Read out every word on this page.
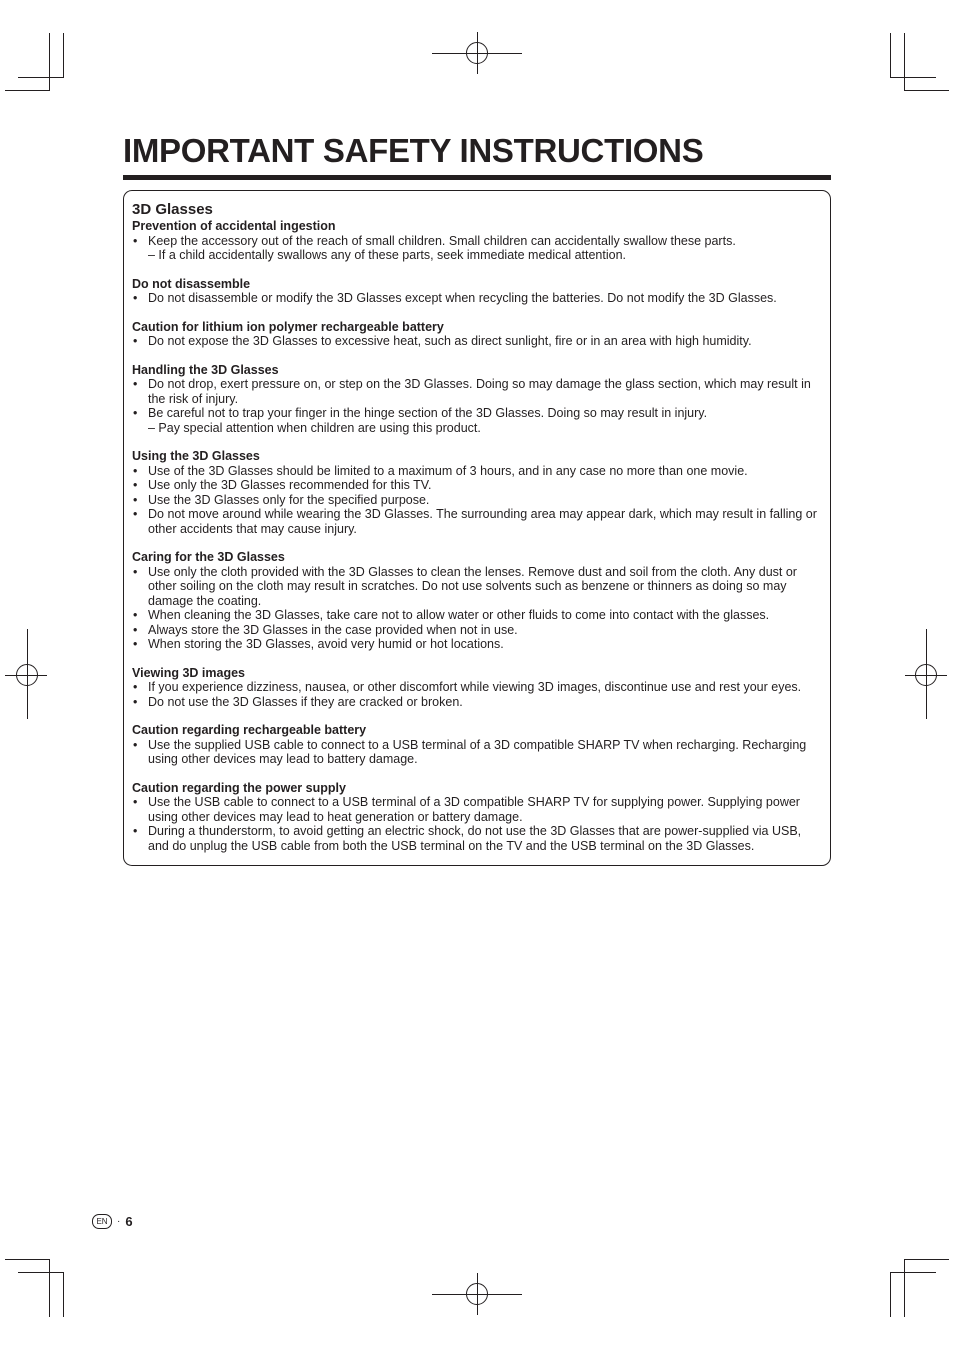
IMPORTANT SAFETY INSTRUCTIONS
3D Glasses
Prevention of accidental ingestion
• Keep the accessory out of the reach of small children. Small children can accidentally swallow these parts.
– If a child accidentally swallows any of these parts, seek immediate medical attention.
Do not disassemble
• Do not disassemble or modify the 3D Glasses except when recycling the batteries. Do not modify the 3D Glasses.
Caution for lithium ion polymer rechargeable battery
• Do not expose the 3D Glasses to excessive heat, such as direct sunlight, fire or in an area with high humidity.
Handling the 3D Glasses
• Do not drop, exert pressure on, or step on the 3D Glasses. Doing so may damage the glass section, which may result in the risk of injury.
• Be careful not to trap your finger in the hinge section of the 3D Glasses. Doing so may result in injury.
– Pay special attention when children are using this product.
Using the 3D Glasses
• Use of the 3D Glasses should be limited to a maximum of 3 hours, and in any case no more than one movie.
• Use only the 3D Glasses recommended for this TV.
• Use the 3D Glasses only for the specified purpose.
• Do not move around while wearing the 3D Glasses. The surrounding area may appear dark, which may result in falling or other accidents that may cause injury.
Caring for the 3D Glasses
• Use only the cloth provided with the 3D Glasses to clean the lenses. Remove dust and soil from the cloth. Any dust or other soiling on the cloth may result in scratches. Do not use solvents such as benzene or thinners as doing so may damage the coating.
• When cleaning the 3D Glasses, take care not to allow water or other fluids to come into contact with the glasses.
• Always store the 3D Glasses in the case provided when not in use.
• When storing the 3D Glasses, avoid very humid or hot locations.
Viewing 3D images
• If you experience dizziness, nausea, or other discomfort while viewing 3D images, discontinue use and rest your eyes.
• Do not use the 3D Glasses if they are cracked or broken.
Caution regarding rechargeable battery
• Use the supplied USB cable to connect to a USB terminal of a 3D compatible SHARP TV when recharging. Recharging using other devices may lead to battery damage.
Caution regarding the power supply
• Use the USB cable to connect to a USB terminal of a 3D compatible SHARP TV for supplying power. Supplying power using other devices may lead to heat generation or battery damage.
• During a thunderstorm, to avoid getting an electric shock, do not use the 3D Glasses that are power-supplied via USB, and do unplug the USB cable from both the USB terminal on the TV and the USB terminal on the 3D Glasses.
EN · 6
